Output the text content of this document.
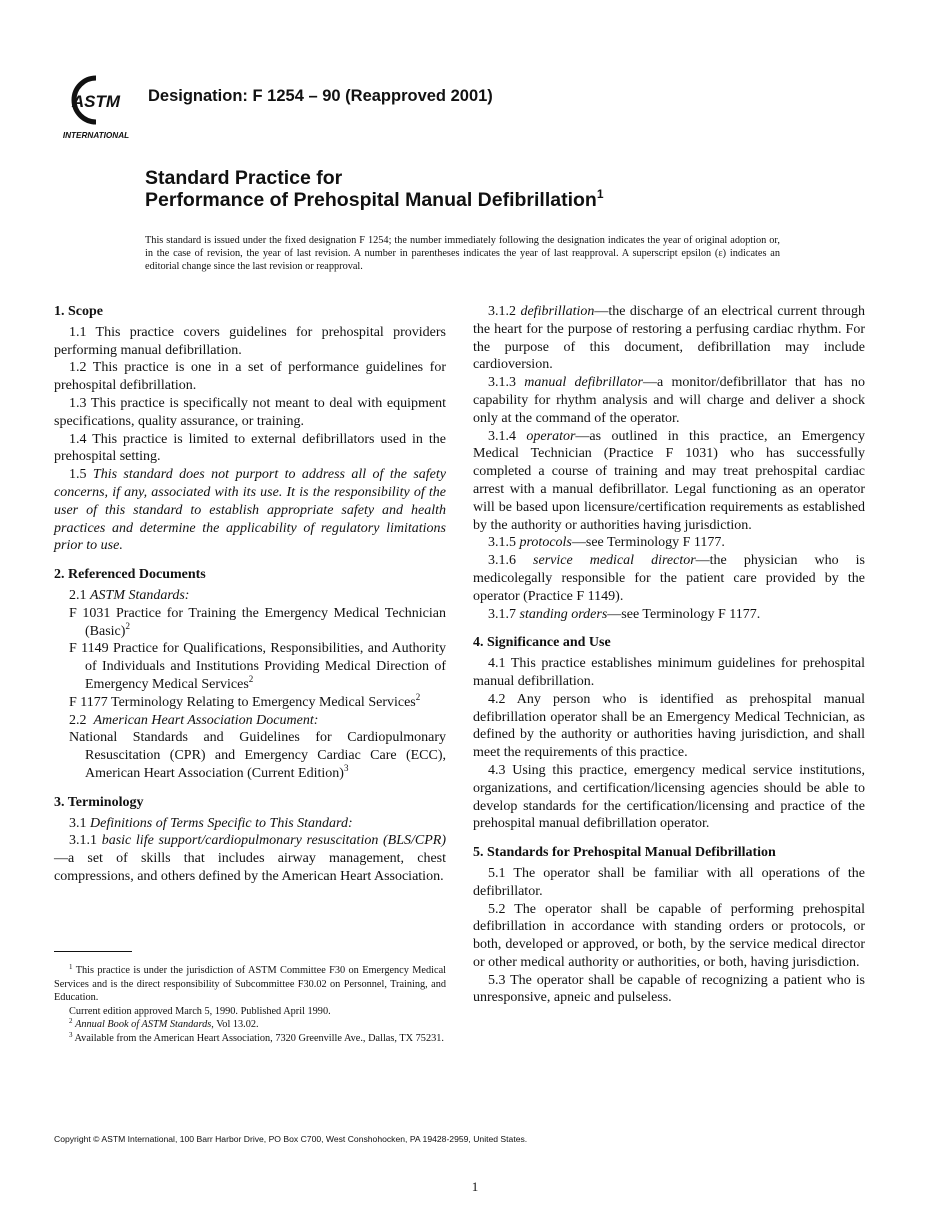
ASTM
INTERNATIONAL
Designation: F 1254 – 90 (Reapproved 2001)
Standard Practice for
Performance of Prehospital Manual Defibrillation$^1$
This standard is issued under the fixed designation F 1254; the number immediately following the designation indicates the year of original adoption or, in the case of revision, the year of last revision. A number in parentheses indicates the year of last reapproval. A superscript epsilon (ε) indicates an editorial change since the last revision or reapproval.

1. Scope

1.1 This practice covers guidelines for prehospital providers performing manual defibrillation.

1.2 This practice is one in a set of performance guidelines for prehospital defibrillation.

1.3 This practice is specifically not meant to deal with equipment specifications, quality assurance, or training.

1.4 This practice is limited to external defibrillators used in the prehospital setting.

1.5 This standard does not purport to address all of the safety concerns, if any, associated with its use. It is the responsibility of the user of this standard to establish appropriate safety and health practices and determine the applicability of regulatory limitations prior to use.

2. Referenced Documents

2.1 ASTM Standards:

F 1031 Practice for Training the Emergency Medical Technician (Basic)$^2$

F 1149 Practice for Qualifications, Responsibilities, and Authority of Individuals and Institutions Providing Medical Direction of Emergency Medical Services$^2$

F 1177 Terminology Relating to Emergency Medical Services$^2$

2.2 American Heart Association Document:

National Standards and Guidelines for Cardiopulmonary Resuscitation (CPR) and Emergency Cardiac Care (ECC), American Heart Association (Current Edition)$^3$

3. Terminology

3.1 Definitions of Terms Specific to This Standard:

3.1.1 basic life support/cardiopulmonary resuscitation (BLS/CPR)—a set of skills that includes airway management, chest compressions, and others defined by the American Heart Association.

$^1$ This practice is under the jurisdiction of ASTM Committee F30 on Emergency Medical Services and is the direct responsibility of Subcommittee F30.02 on Personnel, Training, and Education.

Current edition approved March 5, 1990. Published April 1990.

$^2$ Annual Book of ASTM Standards, Vol 13.02.

$^3$ Available from the American Heart Association, 7320 Greenville Ave., Dallas, TX 75231.

3.1.2 defibrillation—the discharge of an electrical current through the heart for the purpose of restoring a perfusing cardiac rhythm. For the purpose of this document, defibrillation may include cardioversion.

3.1.3 manual defibrillator—a monitor/defibrillator that has no capability for rhythm analysis and will charge and deliver a shock only at the command of the operator.

3.1.4 operator—as outlined in this practice, an Emergency Medical Technician (Practice F 1031) who has successfully completed a course of training and may treat prehospital cardiac arrest with a manual defibrillator. Legal functioning as an operator will be based upon licensure/certification requirements as established by the authority or authorities having jurisdiction.

3.1.5 protocols—see Terminology F 1177.

3.1.6 service medical director—the physician who is medicolegally responsible for the patient care provided by the operator (Practice F 1149).

3.1.7 standing orders—see Terminology F 1177.

4. Significance and Use

4.1 This practice establishes minimum guidelines for prehospital manual defibrillation.

4.2 Any person who is identified as prehospital manual defibrillation operator shall be an Emergency Medical Technician, as defined by the authority or authorities having jurisdiction, and shall meet the requirements of this practice.

4.3 Using this practice, emergency medical service institutions, organizations, and certification/licensing agencies should be able to develop standards for the certification/licensing and practice of the prehospital manual defibrillation operator.

5. Standards for Prehospital Manual Defibrillation

5.1 The operator shall be familiar with all operations of the defibrillator.

5.2 The operator shall be capable of performing prehospital defibrillation in accordance with standing orders or protocols, or both, developed or approved, or both, by the service medical director or other medical authority or authorities, or both, having jurisdiction.

5.3 The operator shall be capable of recognizing a patient who is unresponsive, apneic and pulseless.

Copyright © ASTM International, 100 Barr Harbor Drive, PO Box C700, West Conshohocken, PA 19428-2959, United States.
1
